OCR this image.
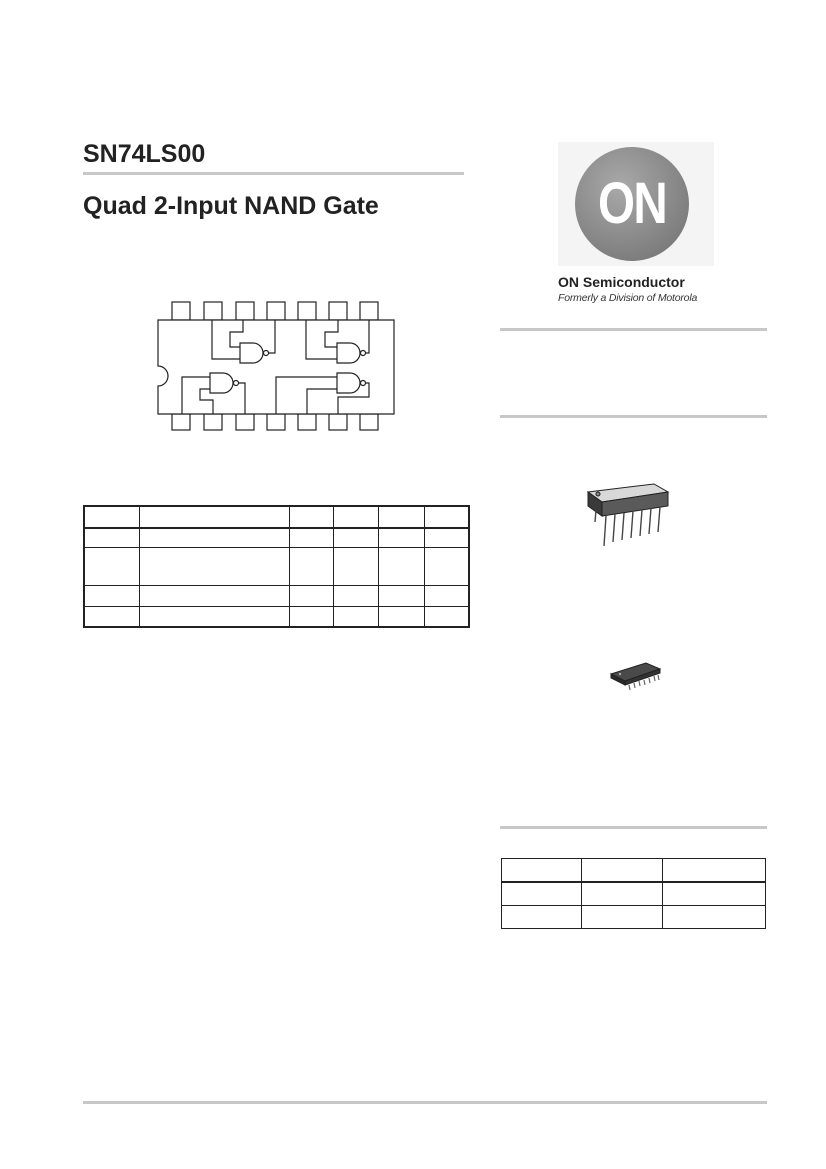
SN74LS00
Quad 2-Input NAND Gate

						ON
ON Semiconductor
Formerly a Division of Motorola
